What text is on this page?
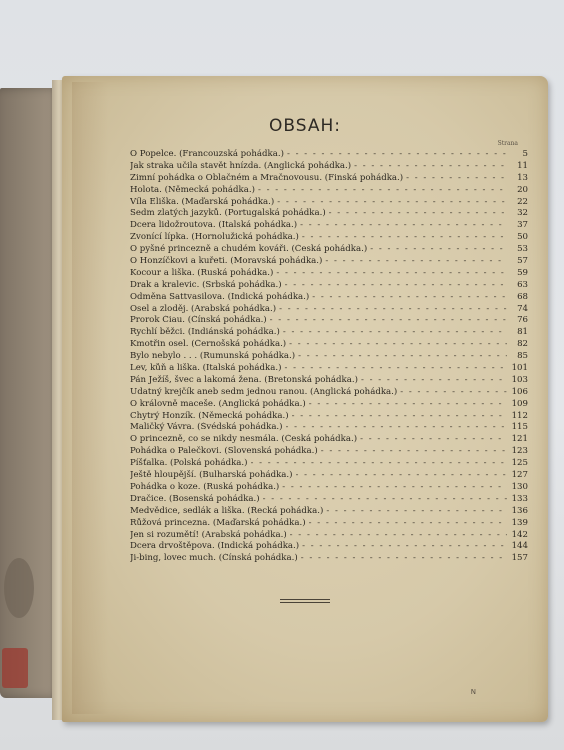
OBSAH:
Strana
O Popelce. (Francouzská pohádka.) - - -	5
Jak straka učila stavět hnízda. (Anglická pohádka.) - - -	11
Zimní pohádka o Oblačném a Mračnovousu. (Finská pohádka.) - - -	13
Holota. (Německá pohádka.) - - -	20
Víla Eliška. (Maďarská pohádka.) - - -	22
Sedm zlatých jazyků. (Portugalská pohádka.) - - -	32
Dcera lidožroutova. (Italská pohádka.) - - -	37
Zvonící lípka. (Hornolužická pohádka.) - - -	50
O pyšné princezně a chudém kováři. (Česká pohádka.) - - -	53
O Honzíčkovi a kuřeti. (Moravská pohádka.) - - -	57
Kocour a liška. (Ruská pohádka.) - - -	59
Drak a kralevic. (Srbská pohádka.) - - -	63
Odměna Sattvasilova. (Indická pohádka.) - - -	68
Osel a zloděj. (Arabská pohádka.) - - -	74
Prorok Čiau. (Čínská pohádka.) - - -	76
Rychlí běžci. (Indiánská pohádka.) - - -	81
Kmotřin osel. (Černošská pohádka.) - - -	82
Bylo nebylo . . . (Rumunská pohádka.) - - -	85
Lev, kůň a liška. (Italská pohádka.) - - -	101
Pán Ježíš, švec a lakomá žena. (Bretonská pohádka.) - - -	103
Udatný krejčík aneb sedm jednou ranou. (Anglická pohádka.) - - -	106
O královně maceše. (Anglická pohádka.) - - -	109
Chytrý Honzík. (Německá pohádka.) - - -	112
Maličký Vávra. (Švédská pohádka.) - - -	115
O princezně, co se nikdy nesmála. (Česká pohádka.) - - -	121
Pohádka o Palečkovi. (Slovenská pohádka.) - - -	123
Píšťalka. (Polská pohádka.) - - -	125
Ještě hloupější. (Bulharská pohádka.) - - -	127
Pohádka o koze. (Ruská pohádka.) - - -	130
Dračice. (Bosenská pohádka.) - - -	133
Medvědice, sedlák a liška. (Řecká pohádka.) - - -	136
Růžová princezna. (Maďarská pohádka.) - - -	139
Jen si rozumětí! (Arabská pohádka.) - - -	142
Dcera drvoštěpova. (Indická pohádka.) - - -	144
Ji-bing, lovec much. (Čínská pohádka.) - - -	157
N
